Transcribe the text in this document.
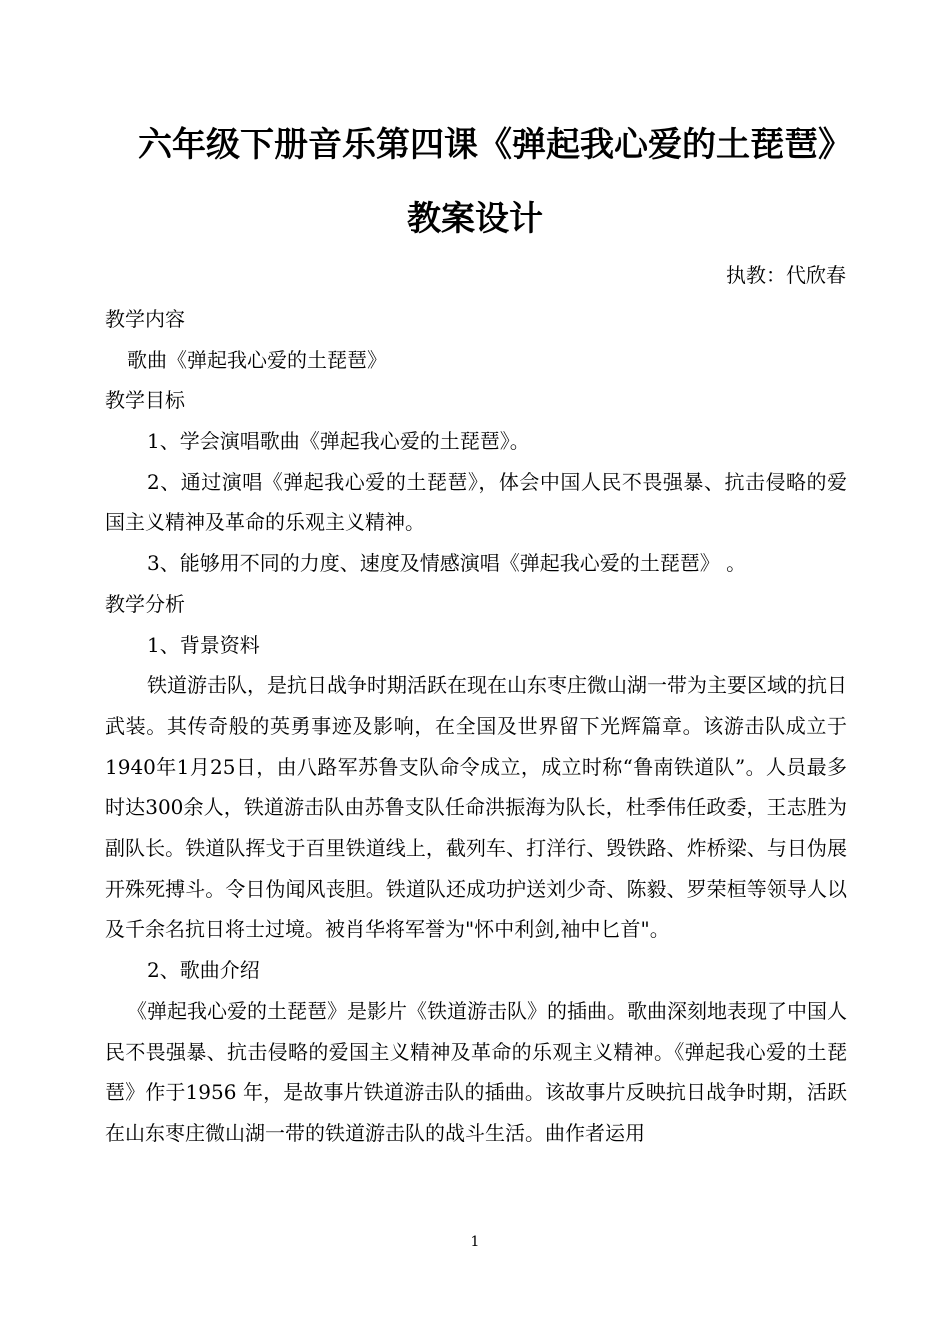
六年级下册音乐第四课《弹起我心爱的土琵琶》
教案设计
执教：代欣春
教学内容
歌曲《弹起我心爱的土琵琶》
教学目标
1、学会演唱歌曲《弹起我心爱的土琵琶》。
2、通过演唱《弹起我心爱的土琵琶》，体会中国人民不畏强暴、抗击侵略的爱国主义精神及革命的乐观主义精神。
3、能够用不同的力度、速度及情感演唱《弹起我心爱的土琵琶》 。
教学分析
1、背景资料
铁道游击队，是抗日战争时期活跃在现在山东枣庄微山湖一带为主要区域的抗日武装。其传奇般的英勇事迹及影响，在全国及世界留下光辉篇章。该游击队成立于1940年1月25日，由八路军苏鲁支队命令成立，成立时称“鲁南铁道队”。人员最多时达300余人，铁道游击队由苏鲁支队任命洪振海为队长，杜季伟任政委，王志胜为副队长。铁道队挥戈于百里铁道线上，截列车、打洋行、毁铁路、炸桥梁、与日伪展开殊死搏斗。令日伪闻风丧胆。铁道队还成功护送刘少奇、陈毅、罗荣桓等领导人以及千余名抗日将士过境。被肖华将军誉为"怀中利剑,袖中匕首"。
2、歌曲介绍
《弹起我心爱的土琵琶》是影片《铁道游击队》的插曲。歌曲深刻地表现了中国人民不畏强暴、抗击侵略的爱国主义精神及革命的乐观主义精神。《弹起我心爱的土琵琶》作于1956 年，是故事片铁道游击队的插曲。该故事片反映抗日战争时期，活跃在山东枣庄微山湖一带的铁道游击队的战斗生活。曲作者运用
1
